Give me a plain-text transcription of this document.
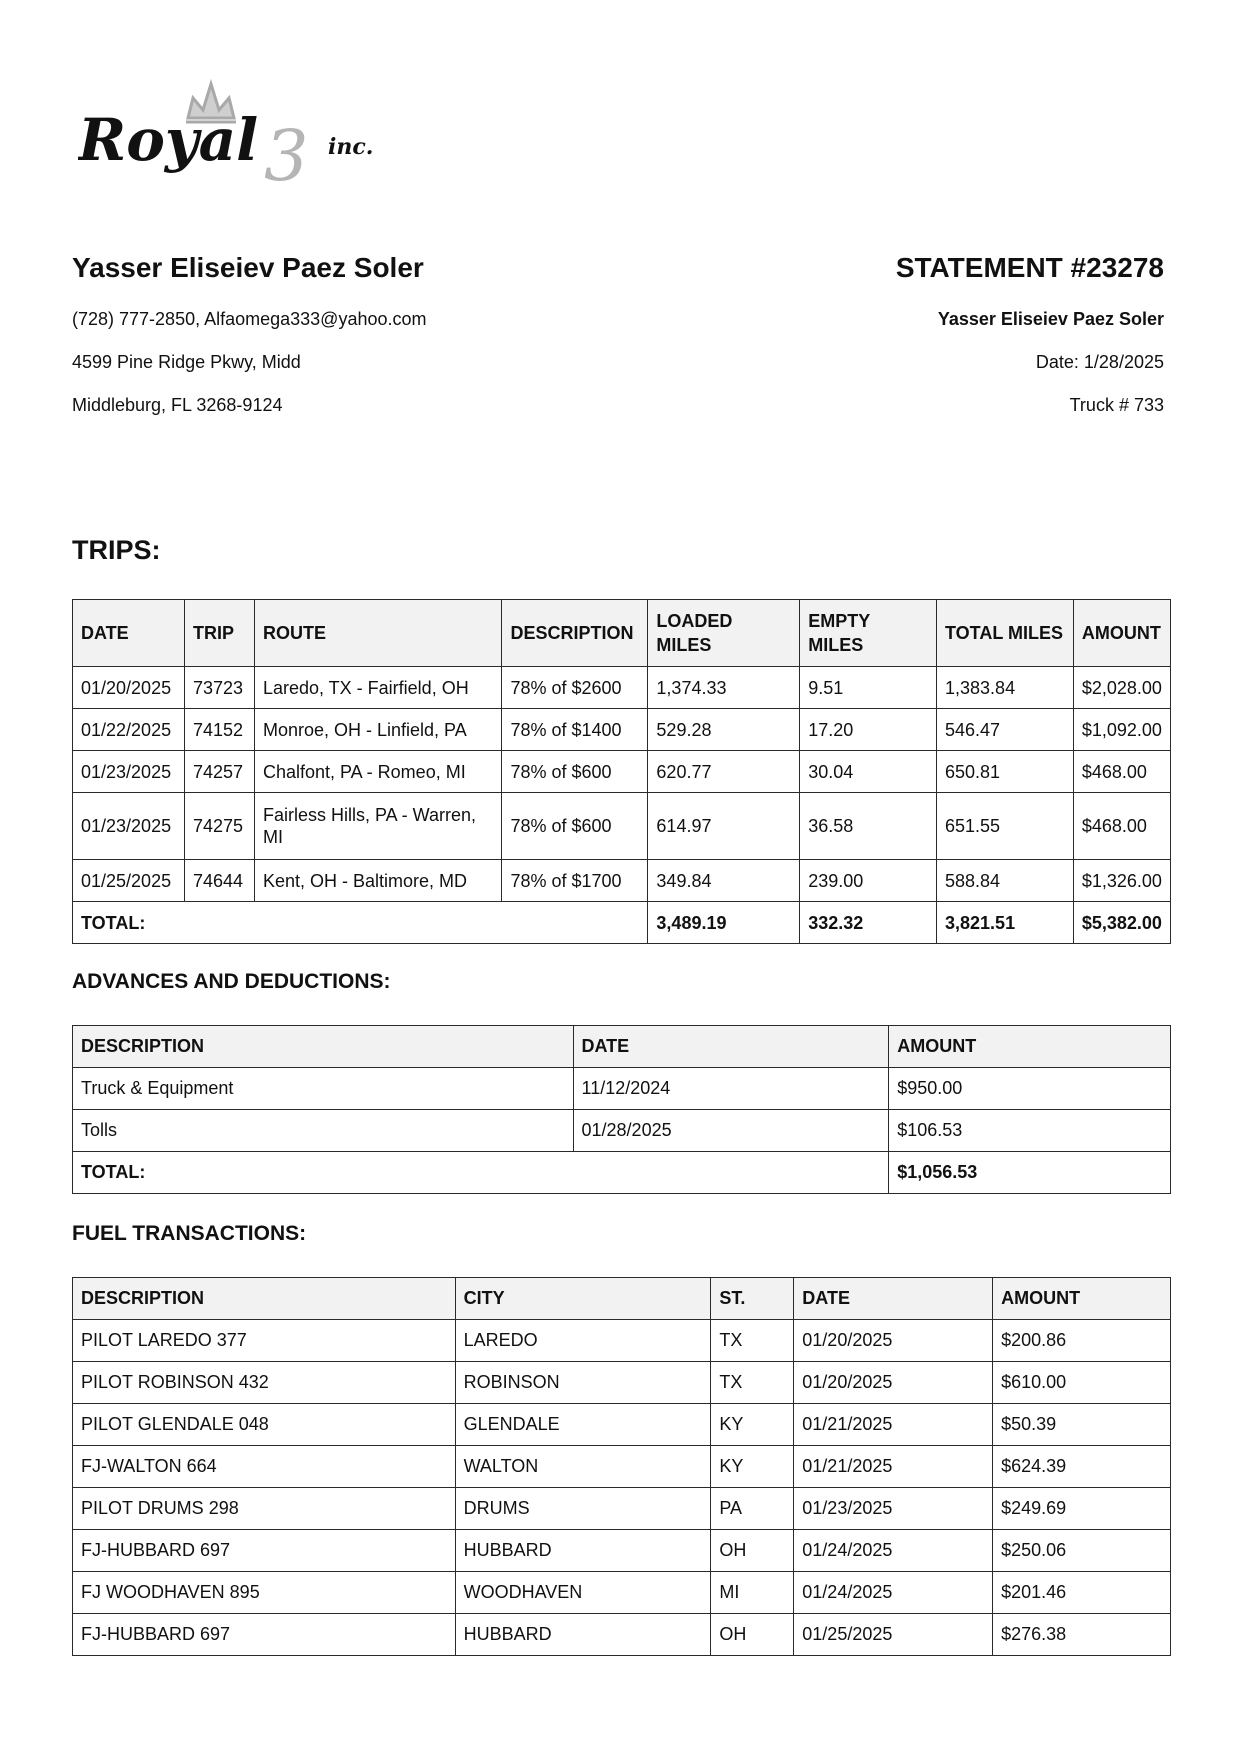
Royal 3 inc.
Yasser Eliseiev Paez Soler

(728) 777-2850, Alfaomega333@yahoo.com

4599 Pine Ridge Pkwy, Midd

Middleburg, FL 3268-9124

STATEMENT #23278

Yasser Eliseiev Paez Soler

Date: 1/28/2025

Truck # 733

TRIPS:
DATE	TRIP	ROUTE	DESCRIPTION	LOADED MILES	EMPTY MILES	TOTAL MILES	AMOUNT
01/20/2025	73723	Laredo, TX - Fairfield, OH	78% of $2600	1,374.33	9.51	1,383.84	$2,028.00
01/22/2025	74152	Monroe, OH - Linfield, PA	78% of $1400	529.28	17.20	546.47	$1,092.00
01/23/2025	74257	Chalfont, PA - Romeo, MI	78% of $600	620.77	30.04	650.81	$468.00
01/23/2025	74275	Fairless Hills, PA - Warren, MI	78% of $600	614.97	36.58	651.55	$468.00
01/25/2025	74644	Kent, OH - Baltimore, MD	78% of $1700	349.84	239.00	588.84	$1,326.00
TOTAL:				3,489.19	332.32	3,821.51	$5,382.00
ADVANCES AND DEDUCTIONS:
DESCRIPTION	DATE	AMOUNT
Truck & Equipment	11/12/2024	$950.00
Tolls	01/28/2025	$106.53
TOTAL:		$1,056.53
FUEL TRANSACTIONS:
DESCRIPTION	CITY	ST.	DATE	AMOUNT
PILOT LAREDO 377	LAREDO	TX	01/20/2025	$200.86
PILOT ROBINSON 432	ROBINSON	TX	01/20/2025	$610.00
PILOT GLENDALE 048	GLENDALE	KY	01/21/2025	$50.39
FJ-WALTON 664	WALTON	KY	01/21/2025	$624.39
PILOT DRUMS 298	DRUMS	PA	01/23/2025	$249.69
FJ-HUBBARD 697	HUBBARD	OH	01/24/2025	$250.06
FJ WOODHAVEN 895	WOODHAVEN	MI	01/24/2025	$201.46
FJ-HUBBARD 697	HUBBARD	OH	01/25/2025	$276.38
